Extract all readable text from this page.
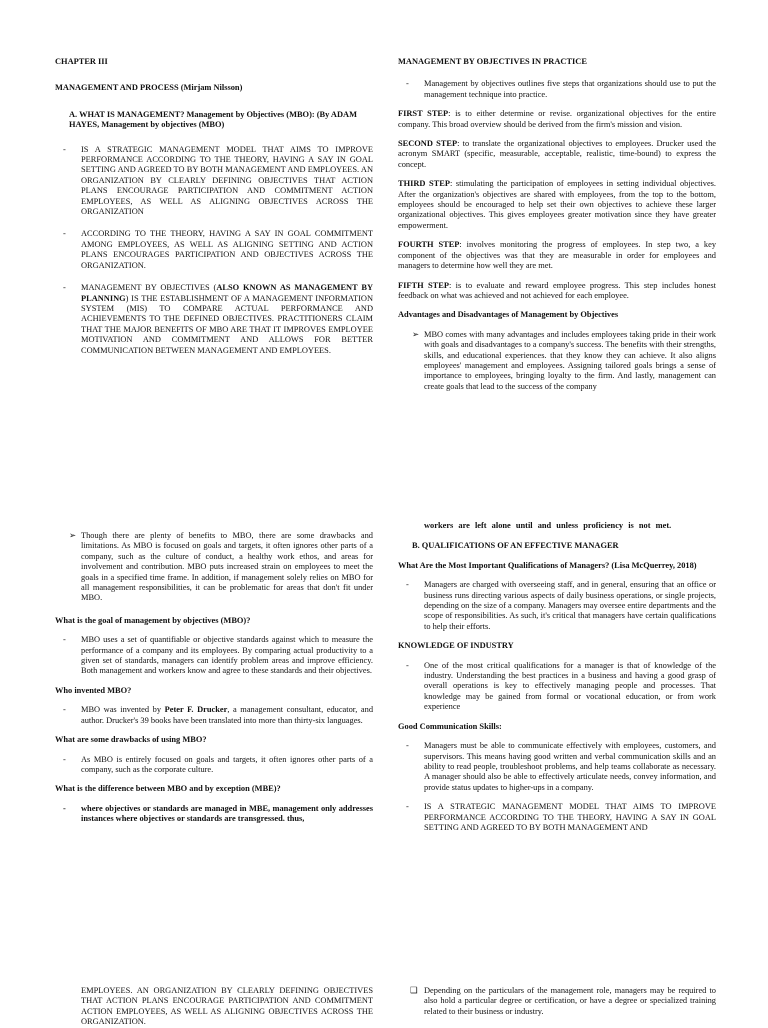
CHAPTER III

MANAGEMENT AND PROCESS (Mirjam Nilsson)

A. WHAT IS MANAGEMENT? Management by Objectives (MBO): (By ADAM HAYES, Management by objectives (MBO)

- IS A STRATEGIC MANAGEMENT MODEL THAT AIMS TO IMPROVE PERFORMANCE ACCORDING TO THE THEORY, HAVING A SAY IN GOAL SETTING AND AGREED TO BY BOTH MANAGEMENT AND EMPLOYEES. AN ORGANIZATION BY CLEARLY DEFINING OBJECTIVES THAT ACTION PLANS ENCOURAGE PARTICIPATION AND COMMITMENT ACTION EMPLOYEES, AS WELL AS ALIGNING OBJECTIVES ACROSS THE ORGANIZATION
- ACCORDING TO THE THEORY, HAVING A SAY IN GOAL COMMITMENT AMONG EMPLOYEES, AS WELL AS ALIGNING SETTING AND ACTION PLANS ENCOURAGES PARTICIPATION AND OBJECTIVES ACROSS THE ORGANIZATION.
- MANAGEMENT BY OBJECTIVES (ALSO KNOWN AS MANAGEMENT BY PLANNING) IS THE ESTABLISHMENT OF A MANAGEMENT INFORMATION SYSTEM (MIS) TO COMPARE ACTUAL PERFORMANCE AND ACHIEVEMENTS TO THE DEFINED OBJECTIVES. PRACTITIONERS CLAIM THAT THE MAJOR BENEFITS OF MBO ARE THAT IT IMPROVES EMPLOYEE MOTIVATION AND COMMITMENT AND ALLOWS FOR BETTER COMMUNICATION BETWEEN MANAGEMENT AND EMPLOYEES.

MANAGEMENT BY OBJECTIVES IN PRACTICE

- Management by objectives outlines five steps that organizations should use to put the management technique into practice.

FIRST STEP: is to either determine or revise. organizational objectives for the entire company. This broad overview should be derived from the firm's mission and vision.

SECOND STEP: to translate the organizational objectives to employees. Drucker used the acronym SMART (specific, measurable, acceptable, realistic, time-bound) to express the concept.

THIRD STEP: stimulating the participation of employees in setting individual objectives. After the organization's objectives are shared with employees, from the top to the bottom, employees should be encouraged to help set their own objectives to achieve these larger organizational objectives. This gives employees greater motivation since they have greater empowerment.

FOURTH STEP: involves monitoring the progress of employees. In step two, a key component of the objectives was that they are measurable in order for employees and managers to determine how well they are met.

FIFTH STEP: is to evaluate and reward employee progress. This step includes honest feedback on what was achieved and not achieved for each employee.

Advantages and Disadvantages of Management by Objectives

➢ MBO comes with many advantages and includes employees taking pride in their work with goals and disadvantages to a company's success. The benefits with their strengths, skills, and educational experiences. that they know they can achieve. It also aligns employees' management and employees. Assigning tailored goals brings a sense of importance to employees, bringing loyalty to the firm. And lastly, management can create goals that lead to the success of the company
➢ Though there are plenty of benefits to MBO, there are some drawbacks and limitations. As MBO is focused on goals and targets, it often ignores other parts of a company, such as the culture of conduct, a healthy work ethos, and areas for involvement and contribution. MBO puts increased strain on employees to meet the goals in a specified time frame. In addition, if management solely relies on MBO for all management responsibilities, it can be problematic for areas that don't fit under MBO.

What is the goal of management by objectives (MBO)?

- MBO uses a set of quantifiable or objective standards against which to measure the performance of a company and its employees. By comparing actual productivity to a given set of standards, managers can identify problem areas and improve efficiency. Both management and workers know and agree to these standards and their objectives.

Who invented MBO?

- MBO was invented by Peter F. Drucker, a management consultant, educator, and author. Drucker's 39 books have been translated into more than thirty-six languages.

What are some drawbacks of using MBO?

- As MBO is entirely focused on goals and targets, it often ignores other parts of a company, such as the corporate culture.

What is the difference between MBO and by exception (MBE)?

- where objectives or standards are managed in MBE, management only addresses instances where objectives or standards are transgressed. thus,

workers are left alone until and unless proficiency is not met.

B. QUALIFICATIONS OF AN EFFECTIVE MANAGER

What Are the Most Important Qualifications of Managers? (Lisa McQuerrey, 2018)

- Managers are charged with overseeing staff, and in general, ensuring that an office or business runs directing various aspects of daily business operations, or single projects, depending on the size of a company. Managers may oversee entire departments and the scope of responsibilities. As such, it's critical that managers have certain qualifications to help their efforts.

KNOWLEDGE OF INDUSTRY

- One of the most critical qualifications for a manager is that of knowledge of the industry. Understanding the best practices in a business and having a good grasp of overall operations is key to effectively managing people and processes. That knowledge may be gained from formal or vocational education, or from work experience

Good Communication Skills:

- Managers must be able to communicate effectively with employees, customers, and supervisors. This means having good written and verbal communication skills and an ability to read people, troubleshoot problems, and help teams collaborate as necessary. A manager should also be able to effectively articulate needs, convey information, and provide status updates to higher-ups in a company.
- IS A STRATEGIC MANAGEMENT MODEL THAT AIMS TO IMPROVE PERFORMANCE ACCORDING TO THE THEORY, HAVING A SAY IN GOAL SETTING AND AGREED TO BY BOTH MANAGEMENT AND

EMPLOYEES. AN ORGANIZATION BY CLEARLY DEFINING OBJECTIVES THAT ACTION PLANS ENCOURAGE PARTICIPATION AND COMMITMENT ACTION EMPLOYEES, AS WELL AS ALIGNING OBJECTIVES ACROSS THE ORGANIZATION.

❑ Depending on the particulars of the management role, managers may be required to also hold a particular degree or certification, or have a degree or specialized training related to their business or industry.
